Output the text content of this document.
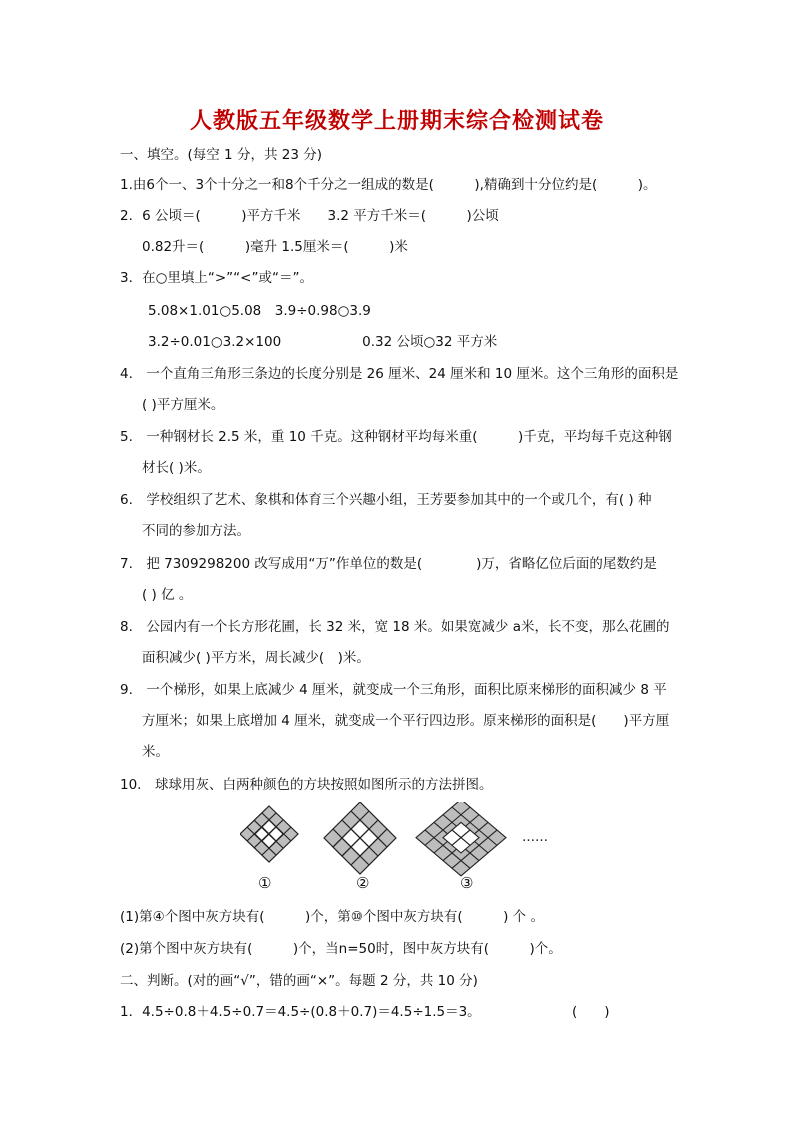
人教版五年级数学上册期末综合检测试卷
一、填空。(每空 1 分，共 23 分)
1.由6个一、3个十分之一和8个千分之一组成的数是(　　　),精确到十分位约是(　　　)。
2．6 公顷＝(　　　)平方千米　　3.2 平方千米＝(　　　)公顷
0.82升＝(　　　)毫升 1.5厘米＝(　　　)米
3．在○里填上“>”“<”或“＝”。
5.08×1.01○5.08　3.9÷0.98○3.9
3.2÷0.01○3.2×100　　　　　　0.32 公顷○32 平方米
4.　一个直角三角形三条边的长度分别是 26 厘米、24 厘米和 10 厘米。这个三角形的面积是
( )平方厘米。
5.　一种钢材长 2.5 米，重 10 千克。这种钢材平均每米重(　　　)千克，平均每千克这种钢
材长( )米。
6.　学校组织了艺术、象棋和体育三个兴趣小组，王芳要参加其中的一个或几个，有( ) 种
不同的参加方法。
7.　把 7309298200 改写成用“万”作单位的数是(　　　　)万，省略亿位后面的尾数约是
( ) 亿 。
8.　公园内有一个长方形花圃，长 32 米，宽 18 米。如果宽减少 a米，长不变，那么花圃的
面积减少( )平方米，周长减少(　)米。
9.　一个梯形，如果上底减少 4 厘米，就变成一个三角形，面积比原来梯形的面积减少 8 平
方厘米；如果上底增加 4 厘米，就变成一个平行四边形。原来梯形的面积是(　　)平方厘
米。
10.　球球用灰、白两种颜色的方块按照如图所示的方法拼图。
①	②	③
……
(1)第④个图中灰方块有(　　　)个，第⑩个图中灰方块有(　　　) 个 。
(2)第个图中灰方块有(　　　)个，当n=50时，图中灰方块有(　　　)个。
二、判断。(对的画“√”，错的画“×”。每题 2 分，共 10 分)
1．4.5÷0.8＋4.5÷0.7＝4.5÷(0.8＋0.7)＝4.5÷1.5＝3。	(　　)
